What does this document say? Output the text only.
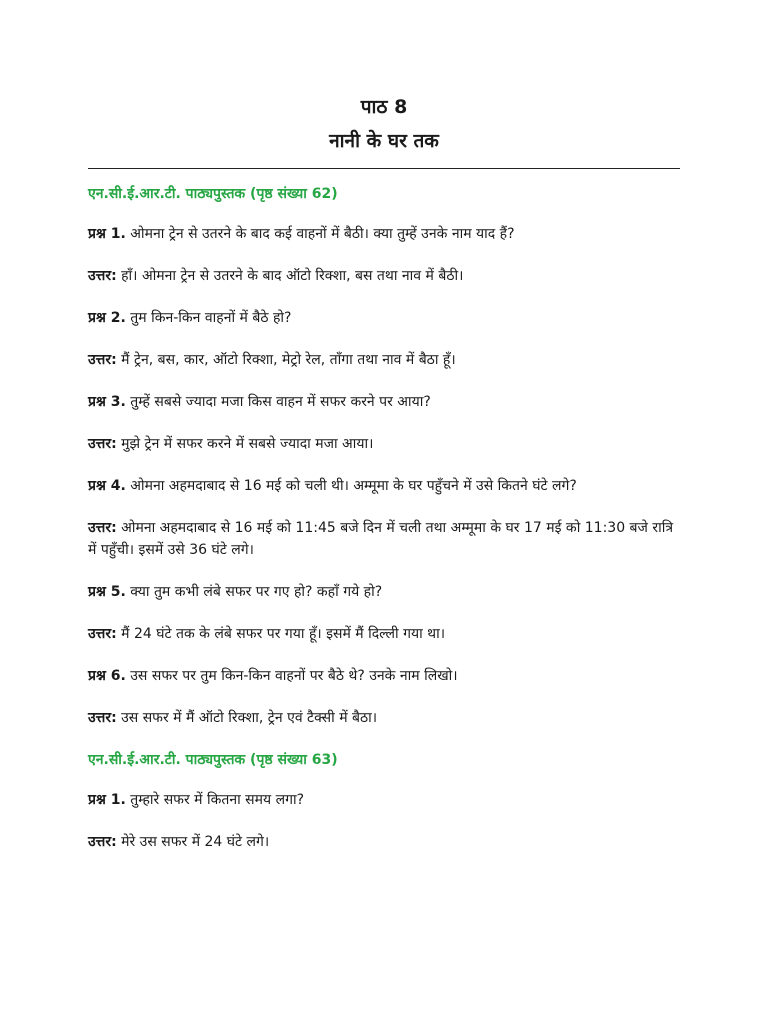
पाठ 8
नानी के घर तक

एन.सी.ई.आर.टी. पाठ्यपुस्तक (पृष्ठ संख्या 62)

प्रश्न 1. ओमना ट्रेन से उतरने के बाद कई वाहनों में बैठी। क्या तुम्हें उनके नाम याद हैं?

उत्तर: हाँ। ओमना ट्रेन से उतरने के बाद ऑटो रिक्शा, बस तथा नाव में बैठी।

प्रश्न 2. तुम किन-किन वाहनों में बैठे हो?

उत्तर: मैं ट्रेन, बस, कार, ऑटो रिक्शा, मेट्रो रेल, ताँगा तथा नाव में बैठा हूँ।

प्रश्न 3. तुम्हें सबसे ज्यादा मजा किस वाहन में सफर करने पर आया?

उत्तर: मुझे ट्रेन में सफर करने में सबसे ज्यादा मजा आया।

प्रश्न 4. ओमना अहमदाबाद से 16 मई को चली थी। अम्मूमा के घर पहुँचने में उसे कितने घंटे लगे?

उत्तर: ओमना अहमदाबाद से 16 मई को 11:45 बजे दिन में चली तथा अम्मूमा के घर 17 मई को 11:30 बजे रात्रि में पहुँची। इसमें उसे 36 घंटे लगे।

प्रश्न 5. क्या तुम कभी लंबे सफर पर गए हो? कहाँ गये हो?

उत्तर: मैं 24 घंटे तक के लंबे सफर पर गया हूँ। इसमें मैं दिल्ली गया था।

प्रश्न 6. उस सफर पर तुम किन-किन वाहनों पर बैठे थे? उनके नाम लिखो।

उत्तर: उस सफर में मैं ऑटो रिक्शा, ट्रेन एवं टैक्सी में बैठा।

एन.सी.ई.आर.टी. पाठ्यपुस्तक (पृष्ठ संख्या 63)

प्रश्न 1. तुम्हारे सफर में कितना समय लगा?

उत्तर: मेरे उस सफर में 24 घंटे लगे।
